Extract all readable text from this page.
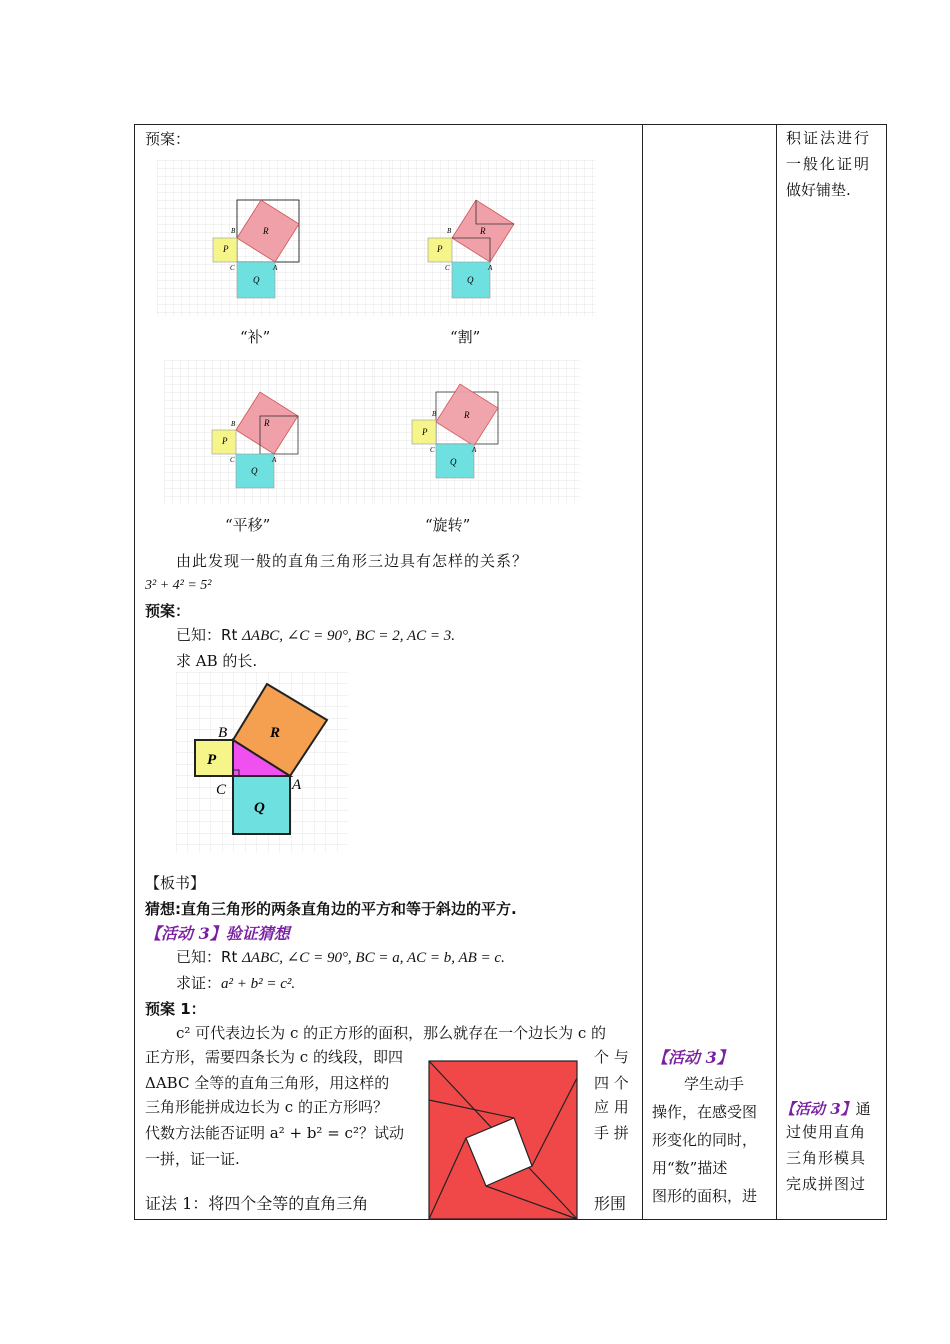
预案：
R
P
Q
B
C	A
R
P
Q
B
C	A
“补”	“割”
R
P
Q
B
C	A
R
P
Q
B
C	A
“平移”	“旋转”
由此发现一般的直角三角形三边具有怎样的关系？
3² + 4² = 5²
预案：
已知：Rt ΔABC, ∠C = 90°, BC = 2, AC = 3.
求 AB 的长.
R
P
Q
B
C	A
【板书】
猜想:直角三角形的两条直角边的平方和等于斜边的平方.
【活动 3】验证猜想
已知：Rt ΔABC, ∠C = 90°, BC = a, AC = b, AB = c.
求证：a² + b² = c².
预案 1：
c² 可代表边长为 c 的正方形的面积，那么就存在一个边长为 c 的
正方形，需要四条长为 c 的线段，即四	个 与
ΔABC 全等的直角三角形，用这样的	四 个
三角形能拼成边长为 c 的正方形吗？	应 用
代数方法能否证明 a² + b² = c²？试动	手 拼
一拼，证一证.
证法 1：将四个全等的直角三角	形围
【活动 3】
学生动手
操作，在感受图
形变化的同时，
用“数”描述
图形的面积，进
积证法进行
一般化证明
做好铺垫.
【活动 3】通
过使用直角
三角形模具
完成拼图过
